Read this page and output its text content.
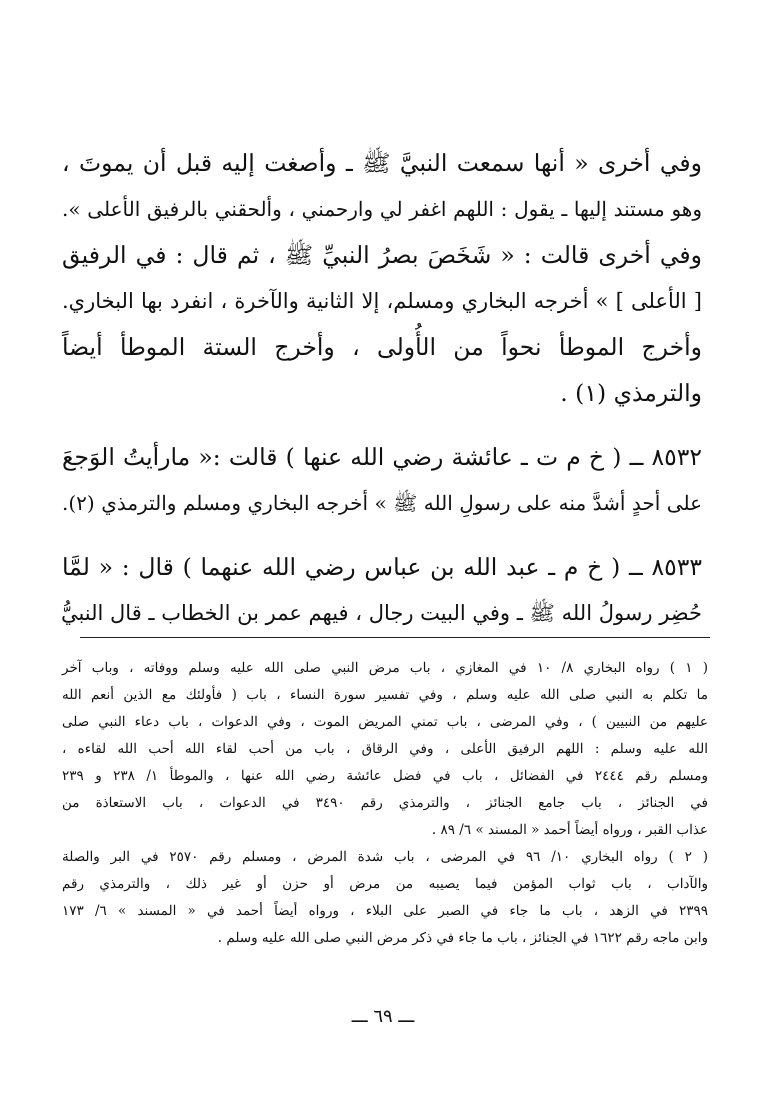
وفي أخرى « أنها سمعت النبيَّ ﷺ ـ وأصغت إليه قبل أن يموتَ ،
وهو مستند إليها ـ يقول : اللهم اغفر لي وارحمني ، وألحقني بالرفيق الأعلى ».
وفي أخرى قالت : « شَخَصَ بصرُ النبيِّ ﷺ ، ثم قال : في الرفيق
[ الأعلى ] » أخرجه البخاري ومسلم، إلا الثانية والآخرة ، انفرد بها البخاري.
وأخرج الموطأ نحواً من الأُولى ، وأخرج الستة الموطأ أيضاً
والترمذي (١) .
٨٥٣٢ ــ ( خ م ت ـ عائشة رضي الله عنها ) قالت :« مارأيتُ الوَجعَ
على أحدٍ أشدَّ منه على رسولِ الله ﷺ » أخرجه البخاري ومسلم والترمذي (٢).
٨٥٣٣ ــ ( خ م ـ عبد الله بن عباس رضي الله عنهما ) قال : « لمَّا
حُضِر رسولُ الله ﷺ ـ وفي البيت رجال ، فيهم عمر بن الخطاب ـ قال النبيُّ
( ١ ) رواه البخاري ٨/ ١٠ في المغازي ، باب مرض النبي صلى الله عليه وسلم ووفاته ، وباب آخر
ما تكلم به النبي صلى الله عليه وسلم ، وفي تفسير سورة النساء ، باب ( فأولئك مع الذين أنعم الله
عليهم من النبيين ) ، وفي المرضى ، باب تمني المريض الموت ، وفي الدعوات ، باب دعاء النبي صلى
الله عليه وسلم : اللهم الرفيق الأعلى ، وفي الرقاق ، باب من أحب لقاء الله أحب الله لقاءه ،
ومسلم رقم ٢٤٤٤ في الفضائل ، باب في فضل عائشة رضي الله عنها ، والموطأ ١/ ٢٣٨ و ٢٣٩
في الجنائز ، باب جامع الجنائز ، والترمذي رقم ٣٤٩٠ في الدعوات ، باب الاستعاذة من
عذاب القبر ، ورواه أيضاً أحمد « المسند » ٦/ ٨٩ .
( ٢ ) رواه البخاري ١٠/ ٩٦ في المرضى ، باب شدة المرض ، ومسلم رقم ٢٥٧٠ في البر والصلة
والآداب ، باب ثواب المؤمن فيما يصيبه من مرض أو حزن أو غير ذلك ، والترمذي رقم
٢٣٩٩ في الزهد ، باب ما جاء في الصبر على البلاء ، ورواه أيضاً أحمد في « المسند » ٦/ ١٧٣
وابن ماجه رقم ١٦٢٢ في الجنائز ، باب ما جاء في ذكر مرض النبي صلى الله عليه وسلم .
ـــ ٦٩ ـــ
